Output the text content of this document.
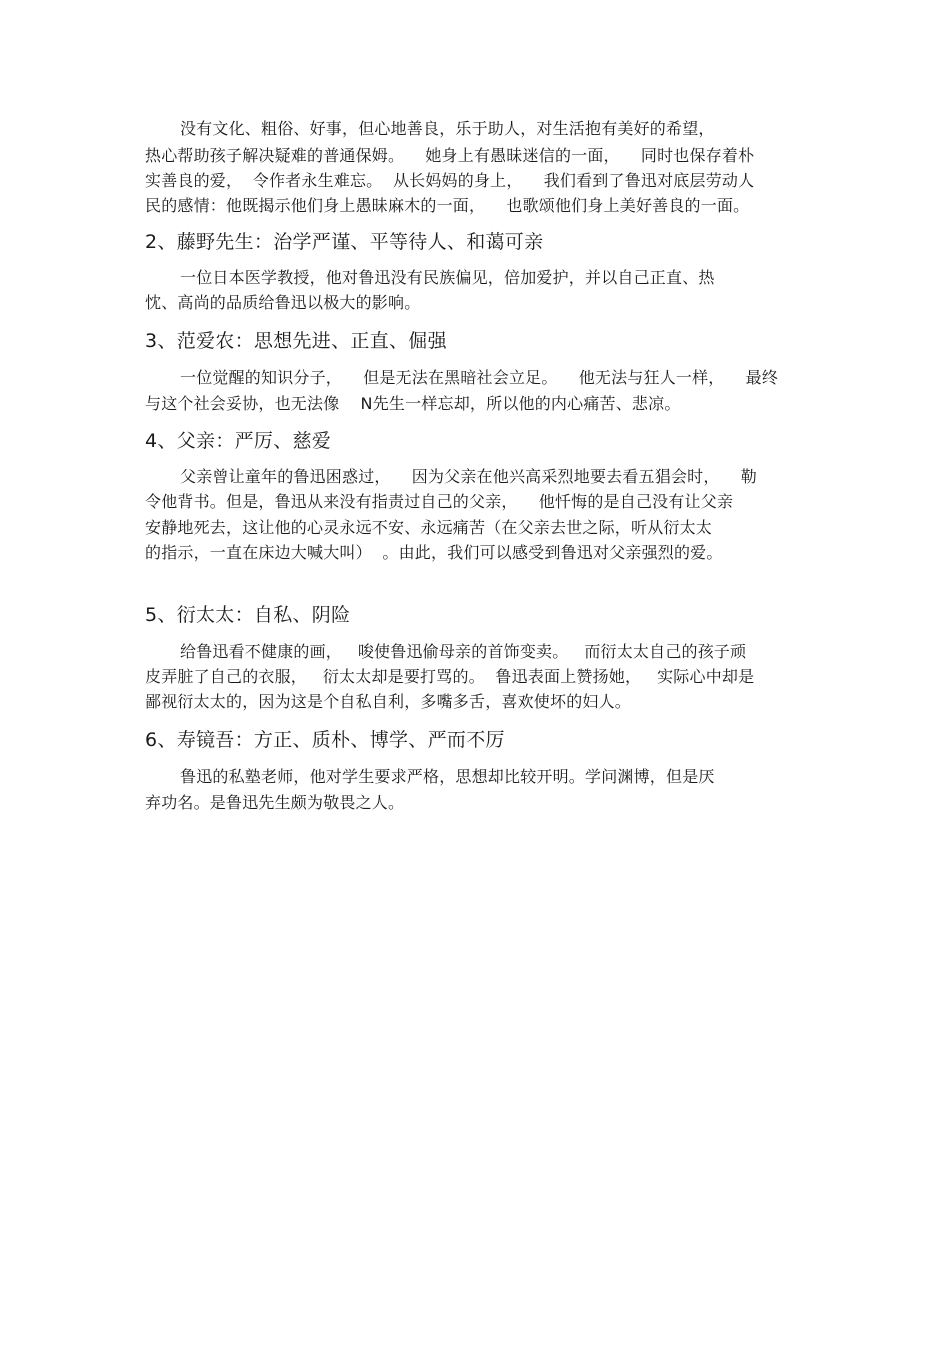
没有文化、粗俗、好事，但心地善良，乐于助人，对生活抱有美好的希望，
热心帮助孩子解决疑难的普通保姆。    她身上有愚昧迷信的一面，    同时也保存着朴
实善良的爱，  令作者永生难忘。  从长妈妈的身上，    我们看到了鲁迅对底层劳动人
民的感情：他既揭示他们身上愚昧麻木的一面，    也歌颂他们身上美好善良的一面。
2、藤野先生：治学严谨、平等待人、和蔼可亲
一位日本医学教授，他对鲁迅没有民族偏见，倍加爱护，并以自己正直、热
忱、高尚的品质给鲁迅以极大的影响。
3、范爱农：思想先进、正直、倔强
一位觉醒的知识分子，    但是无法在黑暗社会立足。    他无法与狂人一样，    最终
与这个社会妥协，也无法像    N先生一样忘却，所以他的内心痛苦、悲凉。
4、父亲：严厉、慈爱
父亲曾让童年的鲁迅困惑过，    因为父亲在他兴高采烈地要去看五猖会时，    勒
令他背书。但是，鲁迅从来没有指责过自己的父亲，    他忏悔的是自己没有让父亲
安静地死去，这让他的心灵永远不安、永远痛苦（在父亲去世之际，听从衍太太
的指示，一直在床边大喊大叫）  。由此，我们可以感受到鲁迅对父亲强烈的爱。
5、衍太太：自私、阴险
给鲁迅看不健康的画，   唆使鲁迅偷母亲的首饰变卖。   而衍太太自己的孩子顽
皮弄脏了自己的衣服，   衍太太却是要打骂的。  鲁迅表面上赞扬她，   实际心中却是
鄙视衍太太的，因为这是个自私自利，多嘴多舌，喜欢使坏的妇人。
6、寿镜吾：方正、质朴、博学、严而不厉
鲁迅的私塾老师，他对学生要求严格，思想却比较开明。学问渊博，但是厌
弃功名。是鲁迅先生颇为敬畏之人。
